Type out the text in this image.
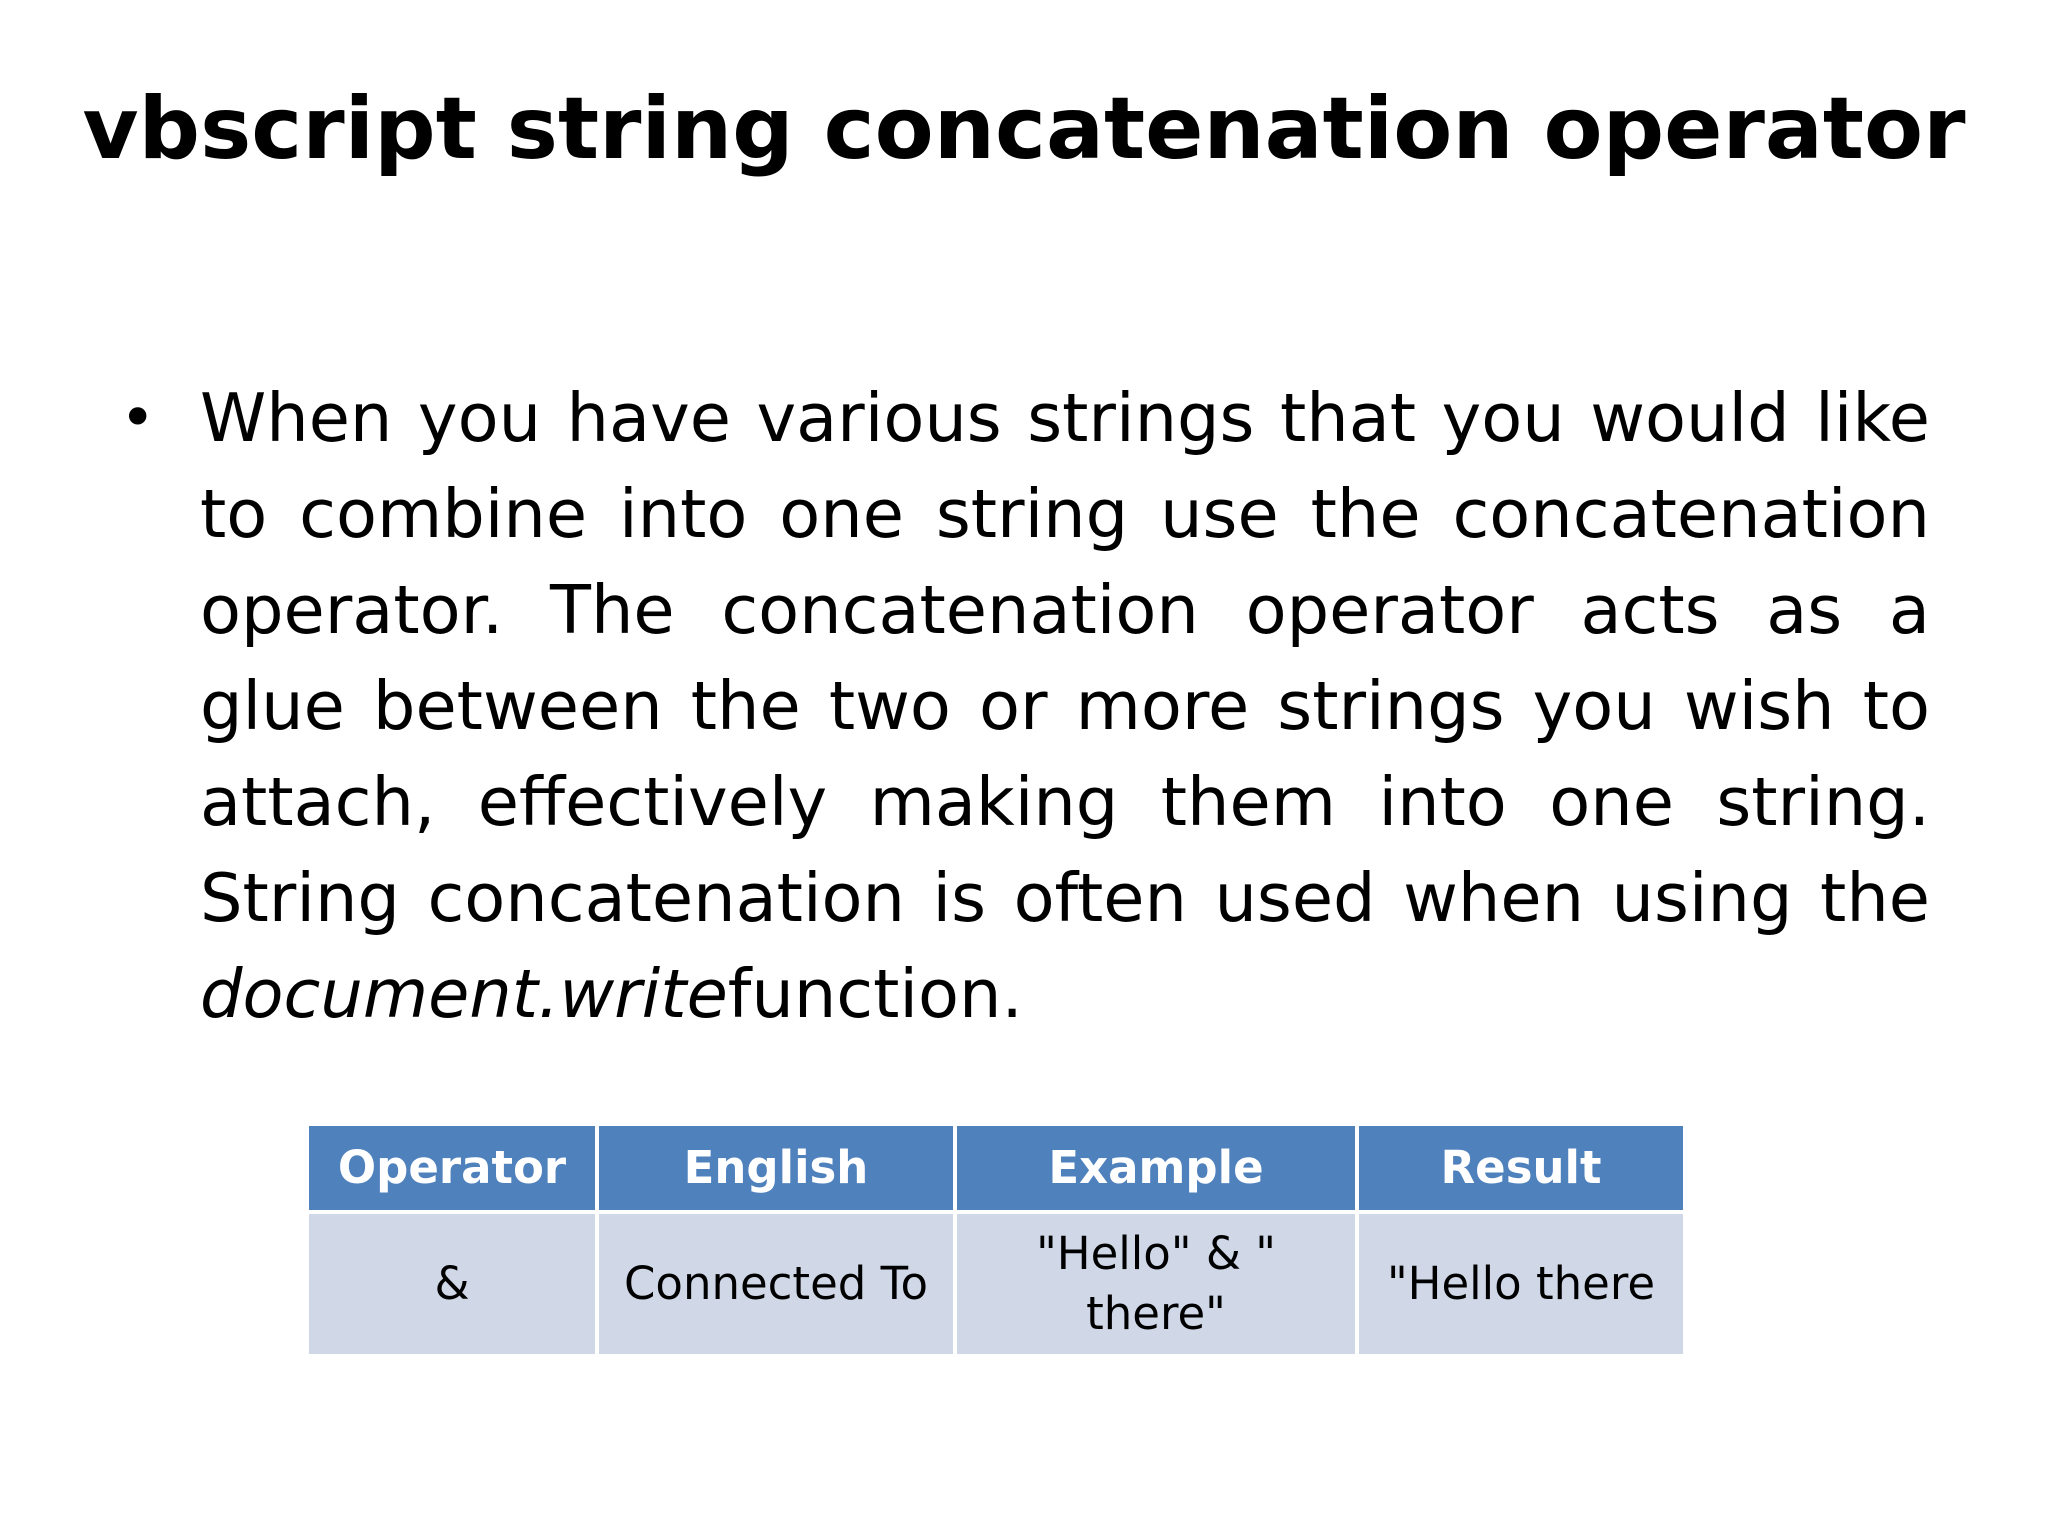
vbscript string concatenation operator
• When you have various strings that you would like to combine into one string use the concatenation operator. The concatenation operator acts as a glue between the two or more strings you wish to attach, effectively making them into one string. String concatenation is often used when using the document.writefunction.

Operator	English	Example	Result
&	Connected To	"Hello" & " there"	"Hello there
